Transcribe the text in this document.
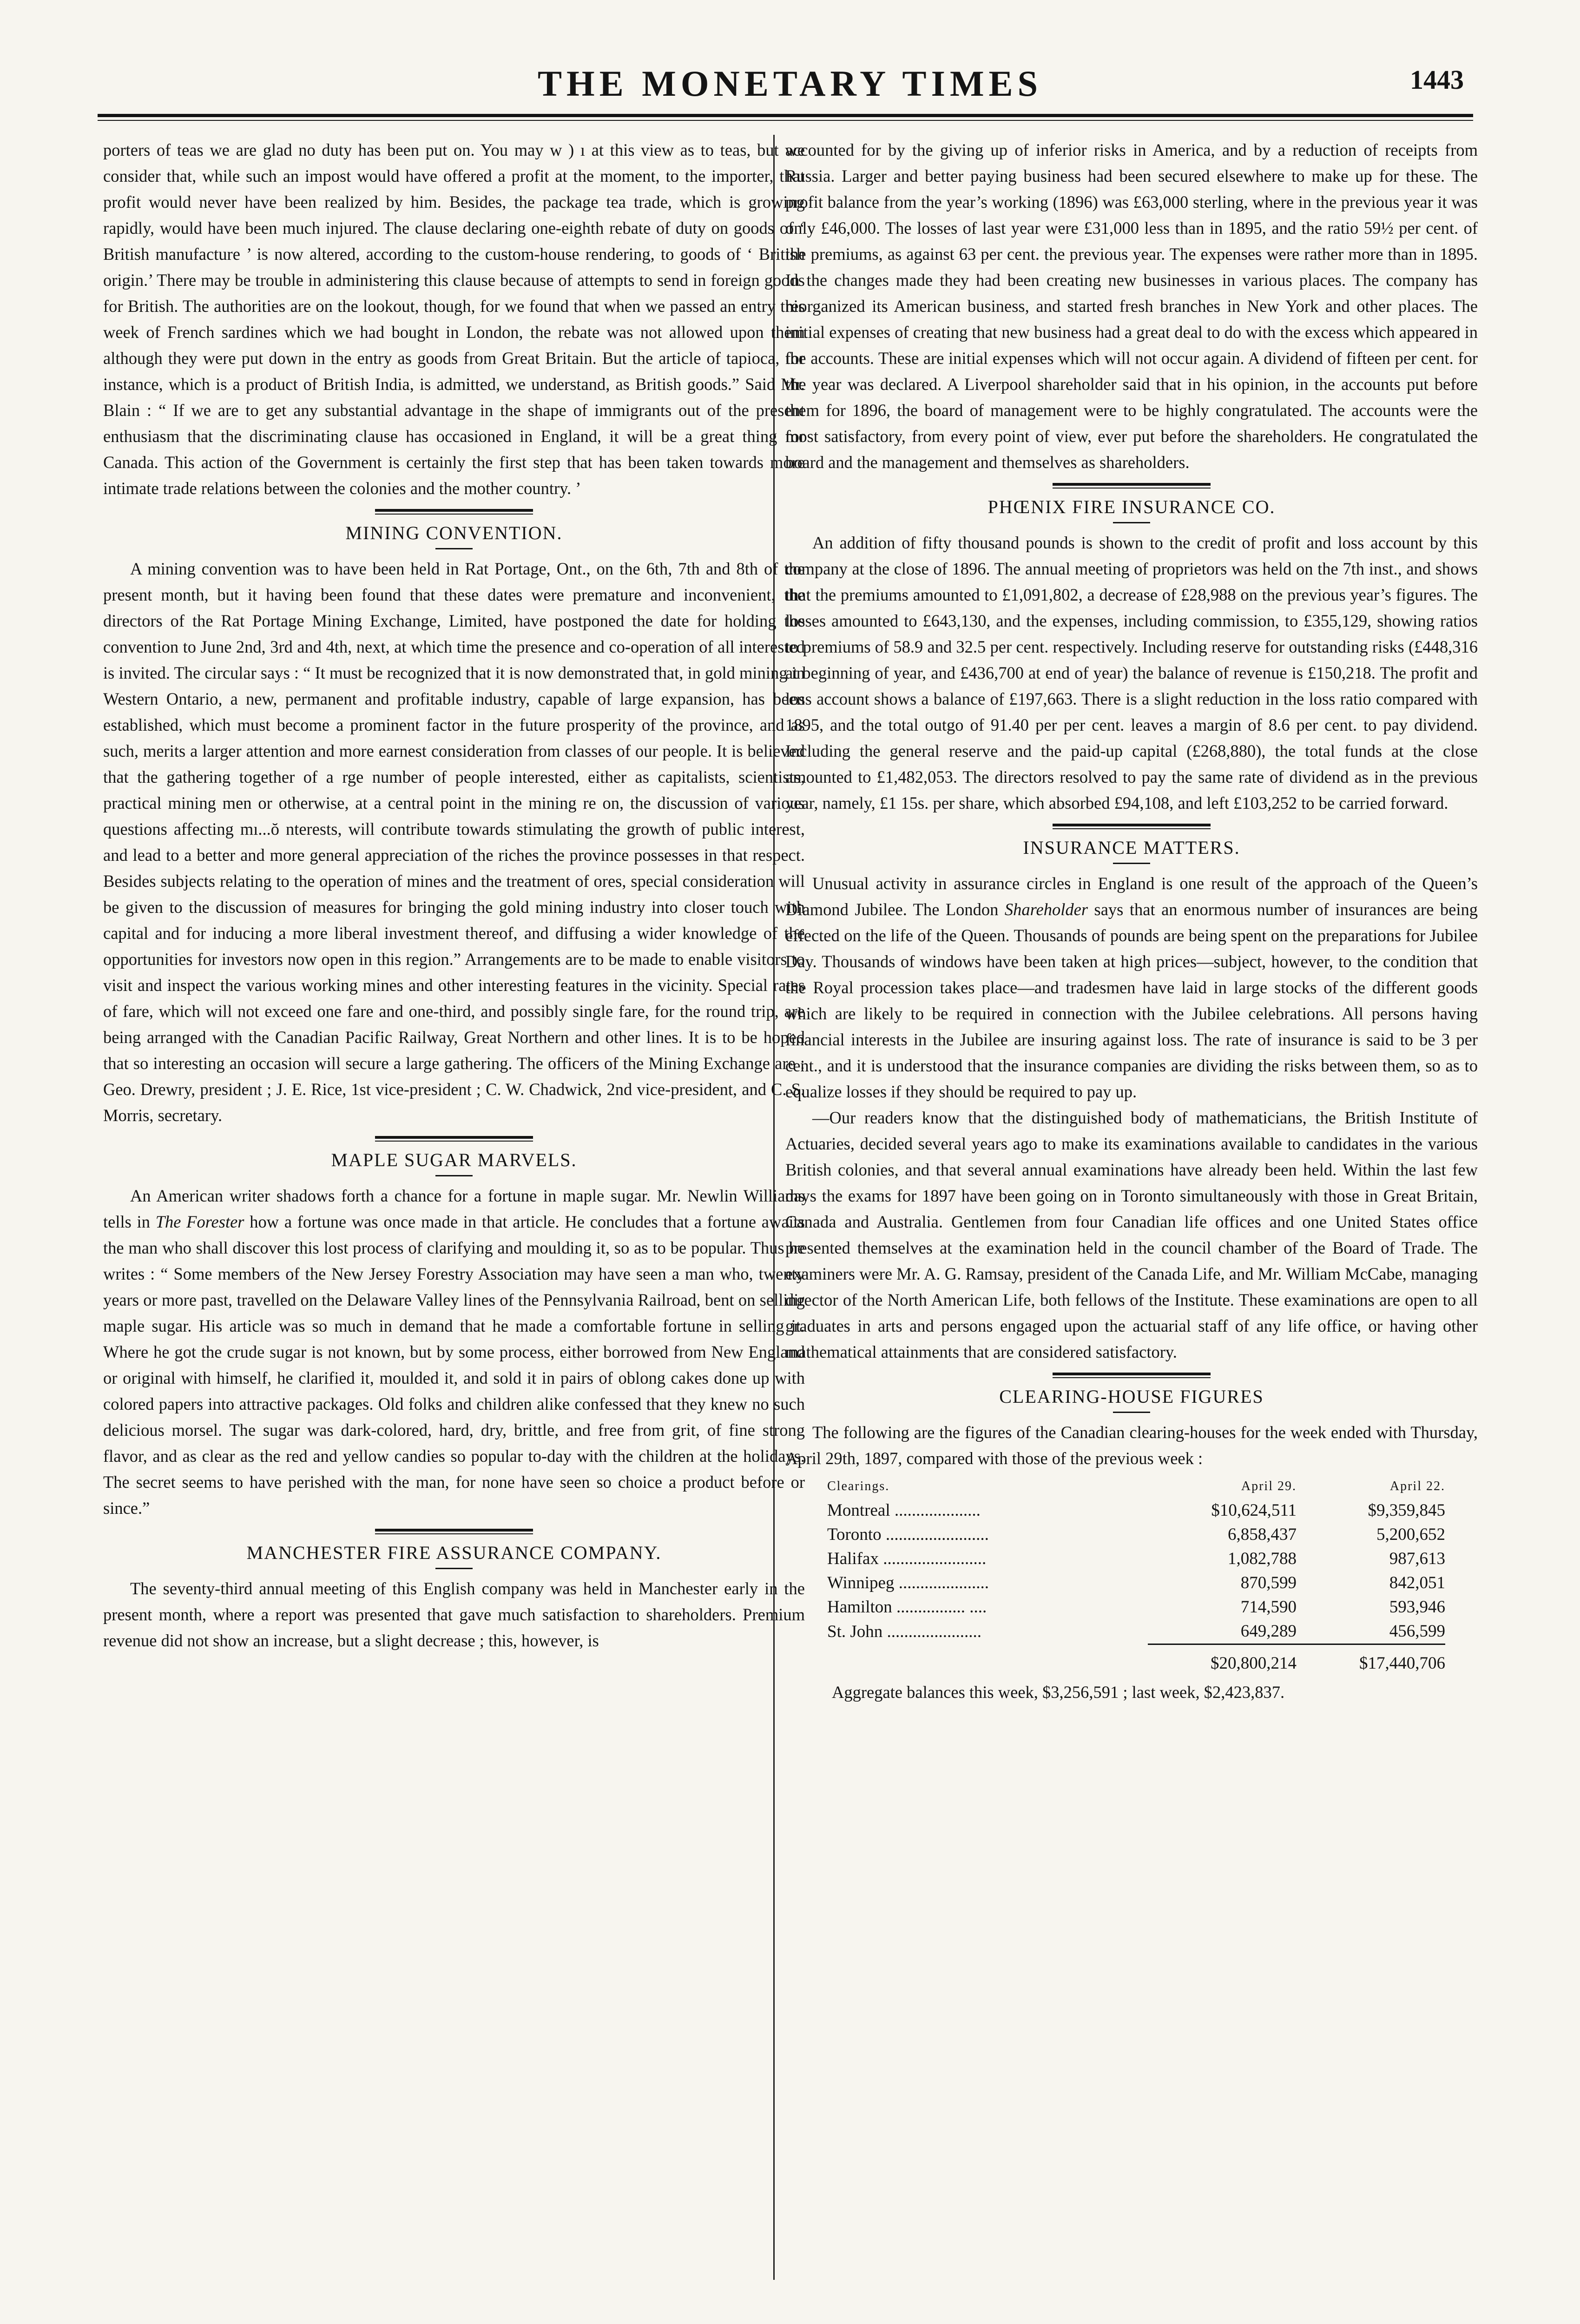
THE MONETARY TIMES	1443

porters of teas we are glad no duty has been put on. You may w ) ı at this view as to teas, but we consider that, while such an impost would have offered a profit at the moment, to the importer, that profit would never have been realized by him. Besides, the package tea trade, which is growing rapidly, would have been much injured. The clause declaring one-eighth rebate of duty on goods of ‘ British manufacture ’ is now altered, according to the custom-house rendering, to goods of ‘ British origin.’ There may be trouble in administering this clause because of attempts to send in foreign goods for British. The authorities are on the lookout, though, for we found that when we passed an entry this week of French sardines which we had bought in London, the rebate was not allowed upon them although they were put down in the entry as goods from Great Britain. But the article of tapioca, for instance, which is a product of British India, is admitted, we understand, as British goods.” Said Mr. Blain : “ If we are to get any substantial advantage in the shape of immigrants out of the present enthusiasm that the discriminating clause has occasioned in England, it will be a great thing for Canada. This action of the Government is certainly the first step that has been taken towards more intimate trade relations between the colonies and the mother country. ’

MINING CONVENTION.

A mining convention was to have been held in Rat Portage, Ont., on the 6th, 7th and 8th of the present month, but it having been found that these dates were premature and inconvenient, the directors of the Rat Portage Mining Exchange, Limited, have postponed the date for holding the convention to June 2nd, 3rd and 4th, next, at which time the presence and co-operation of all interested is invited. The circular says : “ It must be recognized that it is now demonstrated that, in gold mining in Western Ontario, a new, permanent and profitable industry, capable of large expansion, has been established, which must become a prominent factor in the future prosperity of the province, and as such, merits a larger attention and more earnest consideration from classes of our people. It is believed that the gathering together of a rge number of people interested, either as capitalists, scientists, practical mining men or otherwise, at a central point in the mining re on, the discussion of various questions affecting mı...ŏ nterests, will contribute towards stimulating the growth of public interest, and lead to a better and more general appreciation of the riches the province possesses in that respect. Besides subjects relating to the operation of mines and the treatment of ores, special consideration will be given to the discussion of measures for bringing the gold mining industry into closer touch with capital and for inducing a more liberal investment thereof, and diffusing a wider knowledge of the opportunities for investors now open in this region.” Arrangements are to be made to enable visitors to visit and inspect the various working mines and other interesting features in the vicinity. Special rates of fare, which will not exceed one fare and one-third, and possibly single fare, for the round trip, are being arranged with the Canadian Pacific Railway, Great Northern and other lines. It is to be hoped that so interesting an occasion will secure a large gathering. The officers of the Mining Exchange are : Geo. Drewry, president ; J. E. Rice, 1st vice-president ; C. W. Chadwick, 2nd vice-president, and C. S. Morris, secretary.

MAPLE SUGAR MARVELS.

An American writer shadows forth a chance for a fortune in maple sugar. Mr. Newlin Williams tells in The Forester how a fortune was once made in that article. He concludes that a fortune awaits the man who shall discover this lost process of clarifying and moulding it, so as to be popular. Thus he writes : “ Some members of the New Jersey Forestry Association may have seen a man who, twenty years or more past, travelled on the Delaware Valley lines of the Pennsylvania Railroad, bent on selling maple sugar. His article was so much in demand that he made a comfortable fortune in selling it. Where he got the crude sugar is not known, but by some process, either borrowed from New England or original with himself, he clarified it, moulded it, and sold it in pairs of oblong cakes done up with colored papers into attractive packages. Old folks and children alike confessed that they knew no such delicious morsel. The sugar was dark-colored, hard, dry, brittle, and free from grit, of fine strong flavor, and as clear as the red and yellow candies so popular to-day with the children at the holidays. The secret seems to have perished with the man, for none have seen so choice a product before or since.”

MANCHESTER FIRE ASSURANCE COMPANY.

The seventy-third annual meeting of this English company was held in Manchester early in the present month, where a report was presented that gave much satisfaction to shareholders. Premium revenue did not show an increase, but a slight decrease ; this, however, is

accounted for by the giving up of inferior risks in America, and by a reduction of receipts from Russia. Larger and better paying business had been secured elsewhere to make up for these. The profit balance from the year’s working (1896) was £63,000 sterling, where in the previous year it was only £46,000. The losses of last year were £31,000 less than in 1895, and the ratio 59½ per cent. of the premiums, as against 63 per cent. the previous year. The expenses were rather more than in 1895. In the changes made they had been creating new businesses in various places. The company has reorganized its American business, and started fresh branches in New York and other places. The initial expenses of creating that new business had a great deal to do with the excess which appeared in the accounts. These are initial expenses which will not occur again. A dividend of fifteen per cent. for the year was declared. A Liverpool shareholder said that in his opinion, in the accounts put before them for 1896, the board of management were to be highly congratulated. The accounts were the most satisfactory, from every point of view, ever put before the shareholders. He congratulated the board and the management and themselves as shareholders.

PHŒNIX FIRE INSURANCE CO.

An addition of fifty thousand pounds is shown to the credit of profit and loss account by this company at the close of 1896. The annual meeting of proprietors was held on the 7th inst., and shows that the premiums amounted to £1,091,802, a decrease of £28,988 on the previous year’s figures. The losses amounted to £643,130, and the expenses, including commission, to £355,129, showing ratios to premiums of 58.9 and 32.5 per cent. respectively. Including reserve for outstanding risks (£448,316 at beginning of year, and £436,700 at end of year) the balance of revenue is £150,218. The profit and loss account shows a balance of £197,663. There is a slight reduction in the loss ratio compared with 1895, and the total outgo of 91.40 per per cent. leaves a margin of 8.6 per cent. to pay dividend. Including the general reserve and the paid-up capital (£268,880), the total funds at the close amounted to £1,482,053. The directors resolved to pay the same rate of dividend as in the previous year, namely, £1 15s. per share, which absorbed £94,108, and left £103,252 to be carried forward.

INSURANCE MATTERS.

Unusual activity in assurance circles in England is one result of the approach of the Queen’s Diamond Jubilee. The London Shareholder says that an enormous number of insurances are being effected on the life of the Queen. Thousands of pounds are being spent on the preparations for Jubilee Day. Thousands of windows have been taken at high prices—subject, however, to the condition that the Royal procession takes place—and tradesmen have laid in large stocks of the different goods which are likely to be required in connection with the Jubilee celebrations. All persons having financial interests in the Jubilee are insuring against loss. The rate of insurance is said to be 3 per cent., and it is understood that the insurance companies are dividing the risks between them, so as to equalize losses if they should be required to pay up.

—Our readers know that the distinguished body of mathematicians, the British Institute of Actuaries, decided several years ago to make its examinations available to candidates in the various British colonies, and that several annual examinations have already been held. Within the last few days the exams for 1897 have been going on in Toronto simultaneously with those in Great Britain, Canada and Australia. Gentlemen from four Canadian life offices and one United States office presented themselves at the examination held in the council chamber of the Board of Trade. The examiners were Mr. A. G. Ramsay, president of the Canada Life, and Mr. William McCabe, managing director of the North American Life, both fellows of the Institute. These examinations are open to all graduates in arts and persons engaged upon the actuarial staff of any life office, or having other mathematical attainments that are considered satisfactory.

CLEARING-HOUSE FIGURES

The following are the figures of the Canadian clearing-houses for the week ended with Thursday, April 29th, 1897, compared with those of the previous week :

Clearings.	April 29.	April 22.
Montreal ....................	$10,624,511	$9,359,845
Toronto ........................	6,858,437	5,200,652
Halifax ........................	1,082,788	987,613
Winnipeg .....................	870,599	842,051
Hamilton ................ ....	714,590	593,946
St. John ......................	649,289	456,599

	$20,800,214	$17,440,706
Aggregate balances this week, $3,256,591 ; last week, $2,423,837.
